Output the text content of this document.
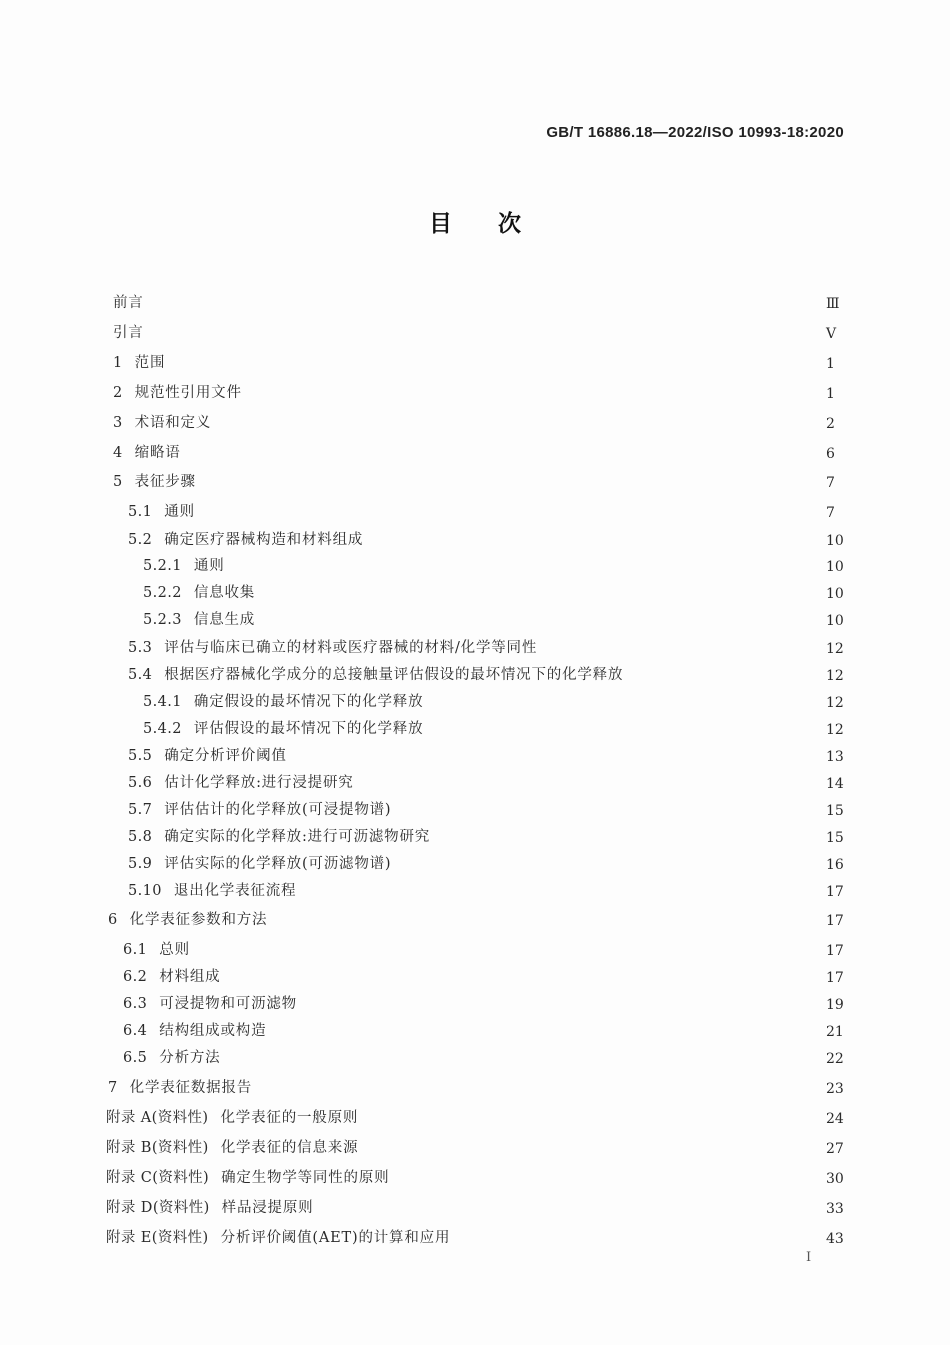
GB/T 16886.18—2022/ISO 10993-18:2020
目次
前言	Ⅲ
引言	Ⅴ
1 范围	1
2 规范性引用文件	1
3 术语和定义	2
4 缩略语	6
5 表征步骤	7
5.1 通则	7
5.2 确定医疗器械构造和材料组成	10
5.2.1 通则	10
5.2.2 信息收集	10
5.2.3 信息生成	10
5.3 评估与临床已确立的材料或医疗器械的材料/化学等同性	12
5.4 根据医疗器械化学成分的总接触量评估假设的最坏情况下的化学释放	12
5.4.1 确定假设的最坏情况下的化学释放	12
5.4.2 评估假设的最坏情况下的化学释放	12
5.5 确定分析评价阈值	13
5.6 估计化学释放:进行浸提研究	14
5.7 评估估计的化学释放(可浸提物谱)	15
5.8 确定实际的化学释放:进行可沥滤物研究	15
5.9 评估实际的化学释放(可沥滤物谱)	16
5.10 退出化学表征流程	17
6 化学表征参数和方法	17
6.1 总则	17
6.2 材料组成	17
6.3 可浸提物和可沥滤物	19
6.4 结构组成或构造	21
6.5 分析方法	22
7 化学表征数据报告	23
附录 A(资料性) 化学表征的一般原则	24
附录 B(资料性) 化学表征的信息来源	27
附录 C(资料性) 确定生物学等同性的原则	30
附录 D(资料性) 样品浸提原则	33
附录 E(资料性) 分析评价阈值(AET)的计算和应用	43
Ⅰ
